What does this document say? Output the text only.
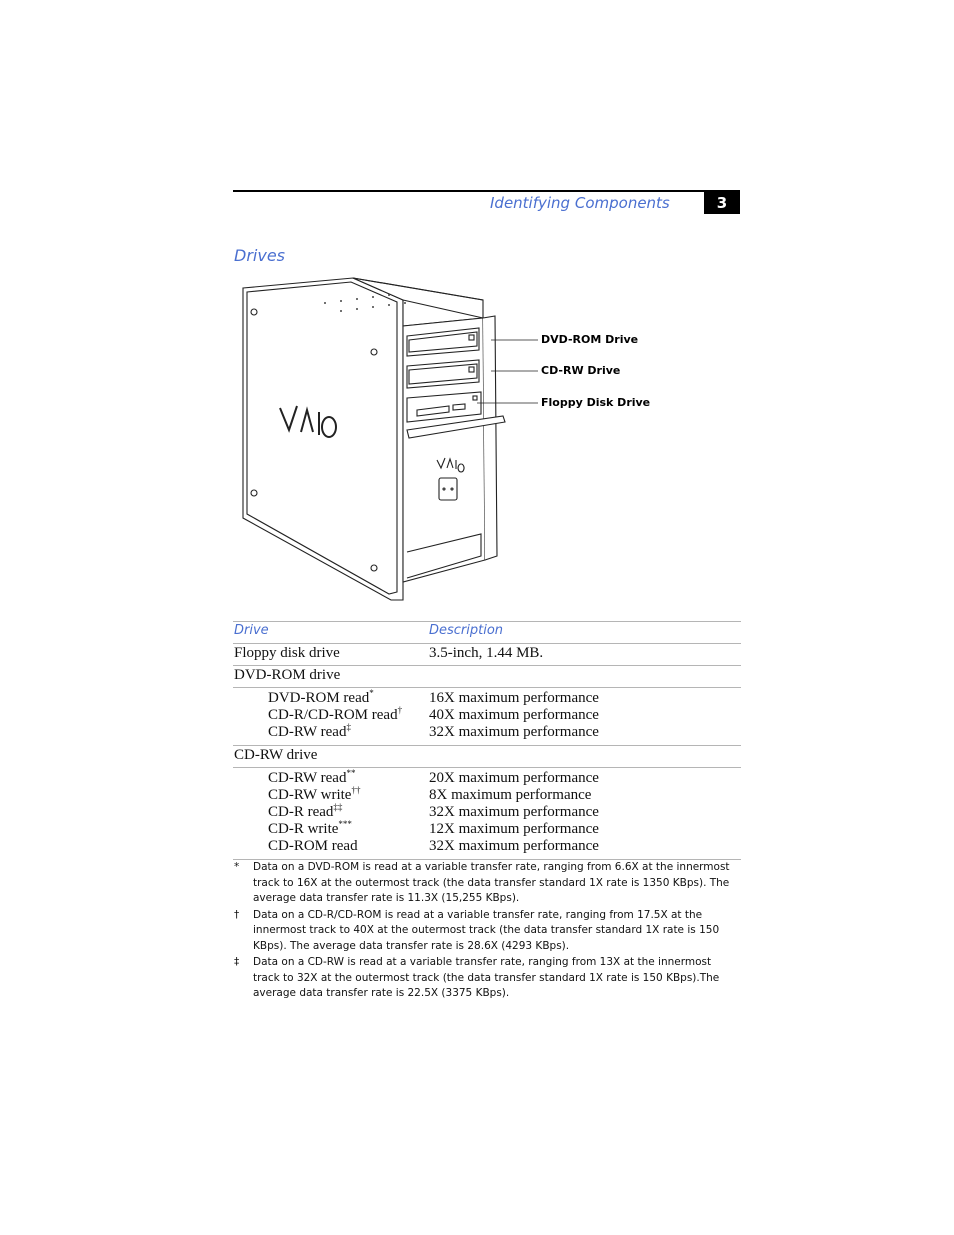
Identifying Components	3
Drives
DVD-ROM Drive
CD-RW Drive
Floppy Disk Drive
Drive	Description
Floppy disk drive	3.5-inch, 1.44 MB.
DVD-ROM drive
DVD-ROM read*	16X maximum performance
CD-R/CD-ROM read† 40X maximum performance
CD-RW read‡	32X maximum performance
CD-RW drive
CD-RW read**	20X maximum performance
CD-RW write††	8X maximum performance
CD-R read‡‡	32X maximum performance
CD-R write***	12X maximum performance
CD-ROM read	32X maximum performance
* Data on a DVD-ROM is read at a variable transfer rate, ranging from 6.6X at the innermost track to 16X at the outermost track (the data transfer standard 1X rate is 1350 KBps). The average data transfer rate is 11.3X (15,255 KBps).
† Data on a CD-R/CD-ROM is read at a variable transfer rate, ranging from 17.5X at the innermost track to 40X at the outermost track (the data transfer standard 1X rate is 150 KBps). The average data transfer rate is 28.6X (4293 KBps).
‡ Data on a CD-RW is read at a variable transfer rate, ranging from 13X at the innermost track to 32X at the outermost track (the data transfer standard 1X rate is 150 KBps).The average data transfer rate is 22.5X (3375 KBps).
